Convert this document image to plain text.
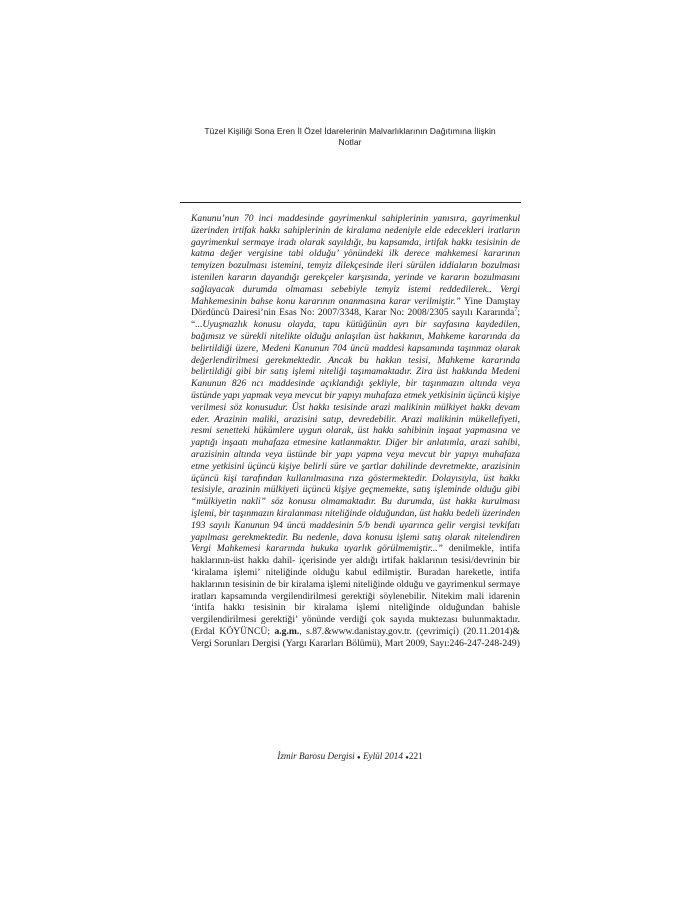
Tüzel Kişiliği Sona Eren İl Özel İdarelerinin Malvarlıklarının Dağıtımına İlişkin
Notlar

Kanunu’nun 70 inci maddesinde gayrimenkul sahiplerinin yanısıra, gayrimenkul üzerinden irtifak hakkı sahiplerinin de kiralama nedeniyle elde edecekleri iratların gayrimenkul sermaye iradı olarak sayıldığı, bu kapsamda, irtifak hakkı tesisinin de katma değer vergisine tabi olduğu’ yönündeki ilk derece mahkemesi kararının temyizen bozulması istemini, temyiz dilekçesinde ileri sürülen iddiaların bozulması istenilen kararın dayandığı gerekçeler karşısında, yerinde ve kararın bozulmasını sağlayacak durumda olmaması sebebiyle temyiz istemi reddedilerek.. Vergi Mahkemesinin bahse konu kararının onanmasına karar verilmiştir.” Yine Danıştay Dördüncü Dairesi’nin Esas No: 2007/3348, Karar No: 2008/2305 sayılı Kararında$^7$; “...Uyuşmazlık konusu olayda, tapu kütüğünün ayrı bir sayfasına kaydedilen, bağımsız ve sürekli nitelikte olduğu anlaşılan üst hakkının, Mahkeme kararında da belirtildiği üzere, Medeni Kanunun 704 üncü maddesi kapsamında taşınmaz olarak değerlendirilmesi gerekmektedir. Ancak bu hakkın tesisi, Mahkeme kararında belirtildiği gibi bir satış işlemi niteliği taşımamaktadır. Zira üst hakkında Medeni Kanunun 826 ncı maddesinde açıklandığı şekliyle, bir taşınmazın altında veya üstünde yapı yapmak veya mevcut bir yapıyı muhafaza etmek yetkisinin üçüncü kişiye verilmesi söz konusudur. Üst hakkı tesisinde arazi malikinin mülkiyet hakkı devam eder. Arazinin maliki, arazisini satıp, devredebilir. Arazi malikinin mükellefiyeti, resmi senetteki hükümlere uygun olarak, üst hakkı sahibinin inşaat yapmasına ve yaptığı inşaatı muhafaza etmesine katlanmaktır. Diğer bir anlatımla, arazi sahibi, arazisinin altında veya üstünde bir yapı yapma veya mevcut bir yapıyı muhafaza etme yetkisini üçüncü kişiye belirli süre ve şartlar dahilinde devretmekte, arazisinin üçüncü kişi tarafından kullanılmasına rıza göstermektedir. Dolayısıyla, üst hakkı tesisiyle, arazinin mülkiyeti üçüncü kişiye geçmemekte, satış işleminde olduğu gibi “mülkiyetin nakli” söz konusu olmamaktadır. Bu durumda, üst hakkı kurulması işlemi, bir taşınmazın kiralanması niteliğinde olduğundan, üst hakkı bedeli üzerinden 193 sayılı Kanunun 94 üncü maddesinin 5/b bendi uyarınca gelir vergisi tevkifatı yapılması gerekmektedir. Bu nedenle, dava konusu işlemi satış olarak nitelendiren Vergi Mahkemesi kararında hukuka uyarlık görülmemiştir...” denilmekle, intifa haklarının-üst hakkı dahil- içerisinde yer aldığı irtifak haklarının tesisi/devrinin bir ‘kiralama işlemi’ niteliğinde olduğu kabul edilmiştir. Buradan hareketle, intifa haklarının tesisinin de bir kiralama işlemi niteliğinde olduğu ve gayrimenkul sermaye iratları kapsamında vergilendirilmesi gerektiği söylenebilir. Nitekim mali idarenin ‘intifa hakkı tesisinin bir kiralama işlemi niteliğinde olduğundan bahisle vergilendirilmesi gerektiği’ yönünde verdiği çok sayıda muktezası bulunmaktadır. (Erdal KÖYÜNCÜ; a.g.m., s.87.&www.danistay.gov.tr. (çevrimiçi) (20.11.2014)& Vergi Sorunları Dergisi (Yargı Kararları Bölümü), Mart 2009, Sayı:246-247-248-249)

İzmir Barosu Dergisi ● Eylül 2014 ●221
